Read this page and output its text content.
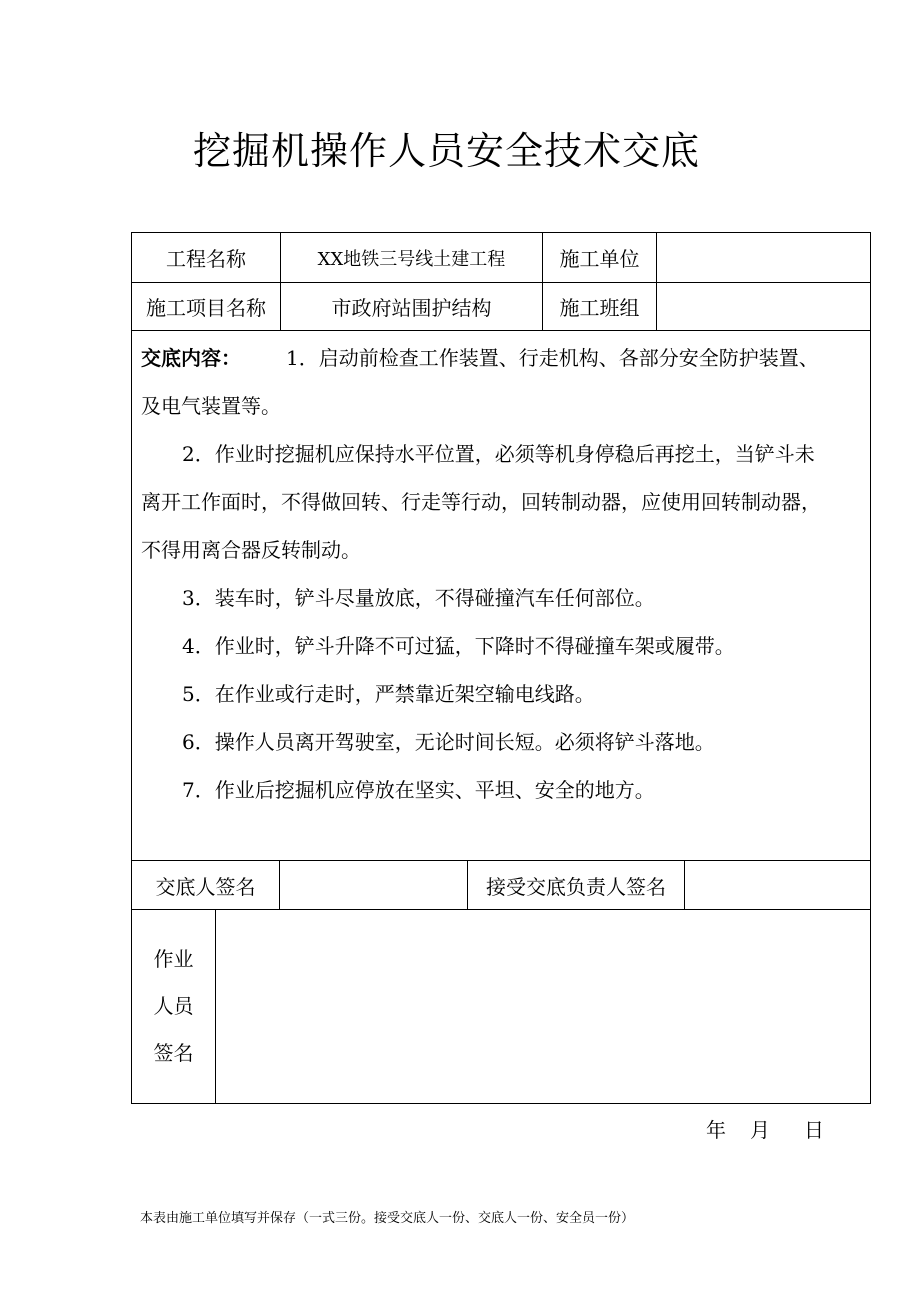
挖掘机操作人员安全技术交底
工程名称	XX地铁三号线土建工程	施工单位
施工项目名称	市政府站围护结构	施工班组
交底内容： 1．启动前检查工作装置、行走机构、各部分安全防护装置、
及电气装置等。
2．作业时挖掘机应保持水平位置，必须等机身停稳后再挖土，当铲斗未
离开工作面时，不得做回转、行走等行动，回转制动器，应使用回转制动器，
不得用离合器反转制动。
3．装车时，铲斗尽量放底，不得碰撞汽车任何部位。
4．作业时，铲斗升降不可过猛，下降时不得碰撞车架或履带。
5．在作业或行走时，严禁靠近架空输电线路。
6．操作人员离开驾驶室，无论时间长短。必须将铲斗落地。
7．作业后挖掘机应停放在坚实、平坦、安全的地方。
交底人签名	接受交底负责人签名
作业
人员
签名
年 月 日
本表由施工单位填写并保存（一式三份。接受交底人一份、交底人一份、安全员一份）
